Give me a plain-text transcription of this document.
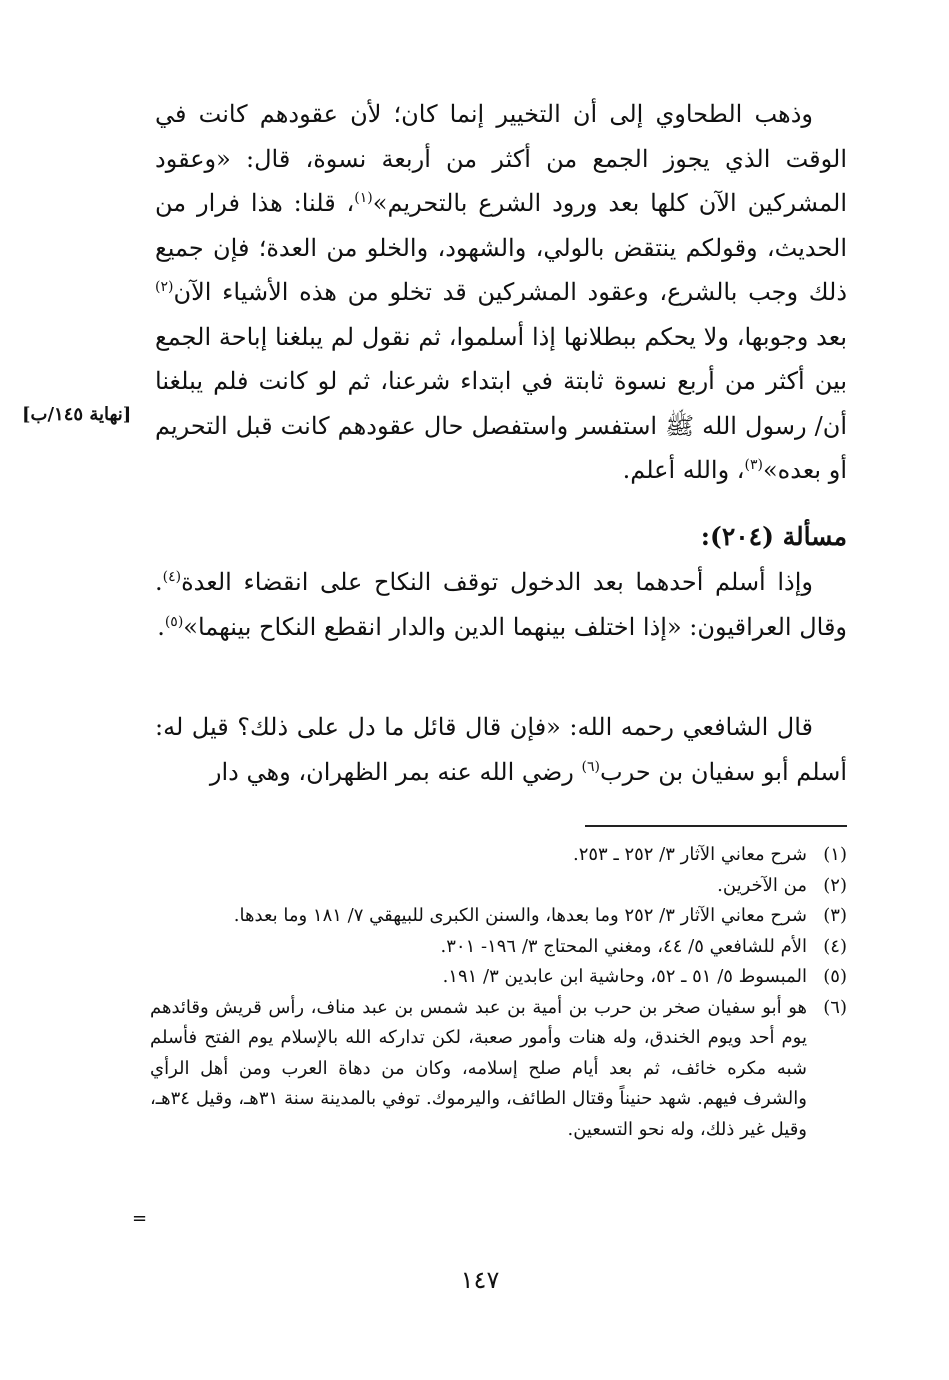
وذهب الطحاوي إلى أن التخيير إنما كان؛ لأن عقودهم كانت في الوقت الذي يجوز الجمع من أكثر من أربعة نسوة، قال: «وعقود المشركين الآن كلها بعد ورود الشرع بالتحريم»$^{(١)}$، قلنا: هذا فرار من الحديث، وقولكم ينتقض بالولي، والشهود، والخلو من العدة؛ فإن جميع ذلك وجب بالشرع، وعقود المشركين قد تخلو من هذه الأشياء الآن$^{(٢)}$ بعد وجوبها، ولا يحكم ببطلانها إذا أسلموا، ثم نقول لم يبلغنا إباحة الجمع بين أكثر من أربع نسوة ثابتة في ابتداء شرعنا، ثم لو كانت فلم يبلغنا أن/ رسول الله ﷺ استفسر واستفصل حال عقودهم كانت قبل التحريم أو بعده»$^{(٣)}$، والله أعلم.

[نهاية ١٤٥/ب]
مسألة (٢٠٤):

وإذا أسلم أحدهما بعد الدخول توقف النكاح على انقضاء العدة$^{(٤)}$. وقال العراقيون: «إذا اختلف بينهما الدين والدار انقطع النكاح بينهما»$^{(٥)}$.

قال الشافعي رحمه الله: «فإن قال قائل ما دل على ذلك؟ قيل له: أسلم أبو سفيان بن حرب$^{(٦)}$ رضي الله عنه بمر الظهران، وهي دار

(١)
شرح معاني الآثار ٣/ ٢٥٢ ـ ٢٥٣.
(٢)
من الآخرين.
(٣)
شرح معاني الآثار ٣/ ٢٥٢ وما بعدها، والسنن الكبرى للبيهقي ٧/ ١٨١ وما بعدها.
(٤)
الأم للشافعي ٥/ ٤٤، ومغني المحتاج ٣/ ١٩٦- ٣٠١.
(٥)
المبسوط ٥/ ٥١ ـ ٥٢، وحاشية ابن عابدين ٣/ ١٩١.
(٦)
هو أبو سفيان صخر بن حرب بن أمية بن عبد شمس بن عبد مناف، رأس قريش وقائدهم يوم أحد ويوم الخندق، وله هنات وأمور صعبة، لكن تداركه الله بالإسلام يوم الفتح فأسلم شبه مكره خائف، ثم بعد أيام صلح إسلامه، وكان من دهاة العرب ومن أهل الرأي والشرف فيهم. شهد حنيناً وقتال الطائف، واليرموك. توفي بالمدينة سنة ٣١هـ، وقيل ٣٤هـ، وقيل غير ذلك، وله نحو التسعين.
=
١٤٧
